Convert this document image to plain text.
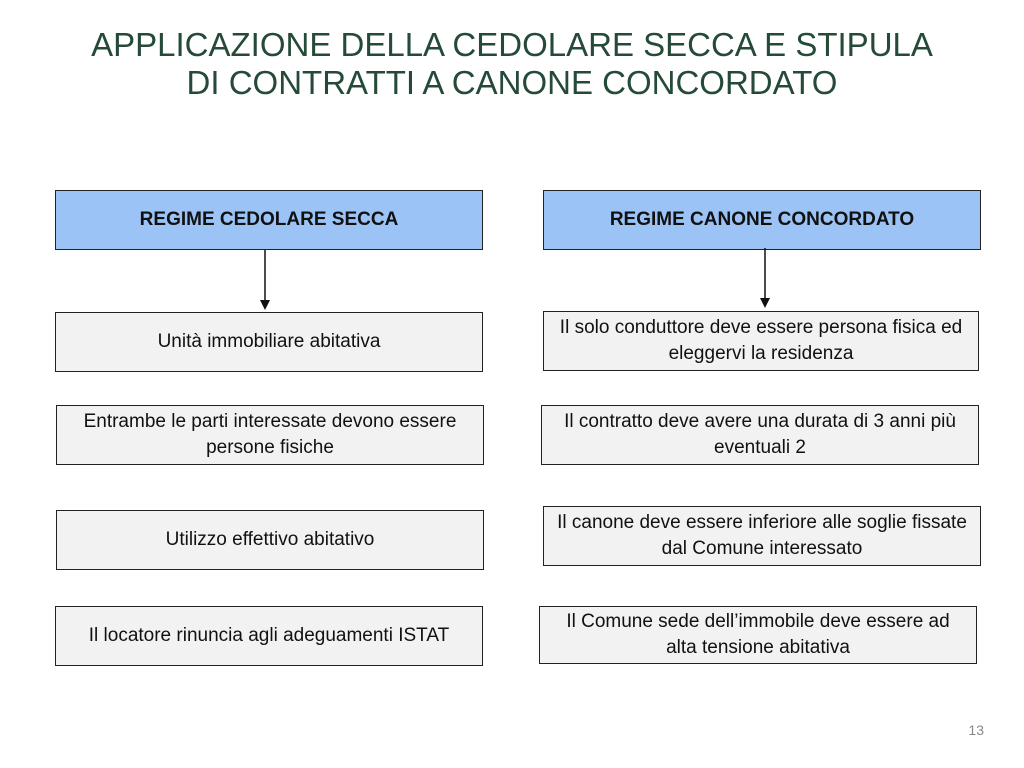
APPLICAZIONE DELLA CEDOLARE SECCA E STIPULA
DI CONTRATTI A CANONE CONCORDATO
REGIME CEDOLARE SECCA
Unità immobiliare abitativa
Entrambe le parti interessate devono essere persone fisiche
Utilizzo effettivo abitativo
Il locatore rinuncia agli adeguamenti ISTAT
REGIME CANONE CONCORDATO
Il solo conduttore deve essere persona fisica ed eleggervi la residenza
Il contratto deve avere una durata di 3 anni più eventuali 2
Il canone deve essere inferiore alle soglie fissate dal Comune interessato
Il Comune sede dell’immobile deve essere ad alta tensione abitativa
13
